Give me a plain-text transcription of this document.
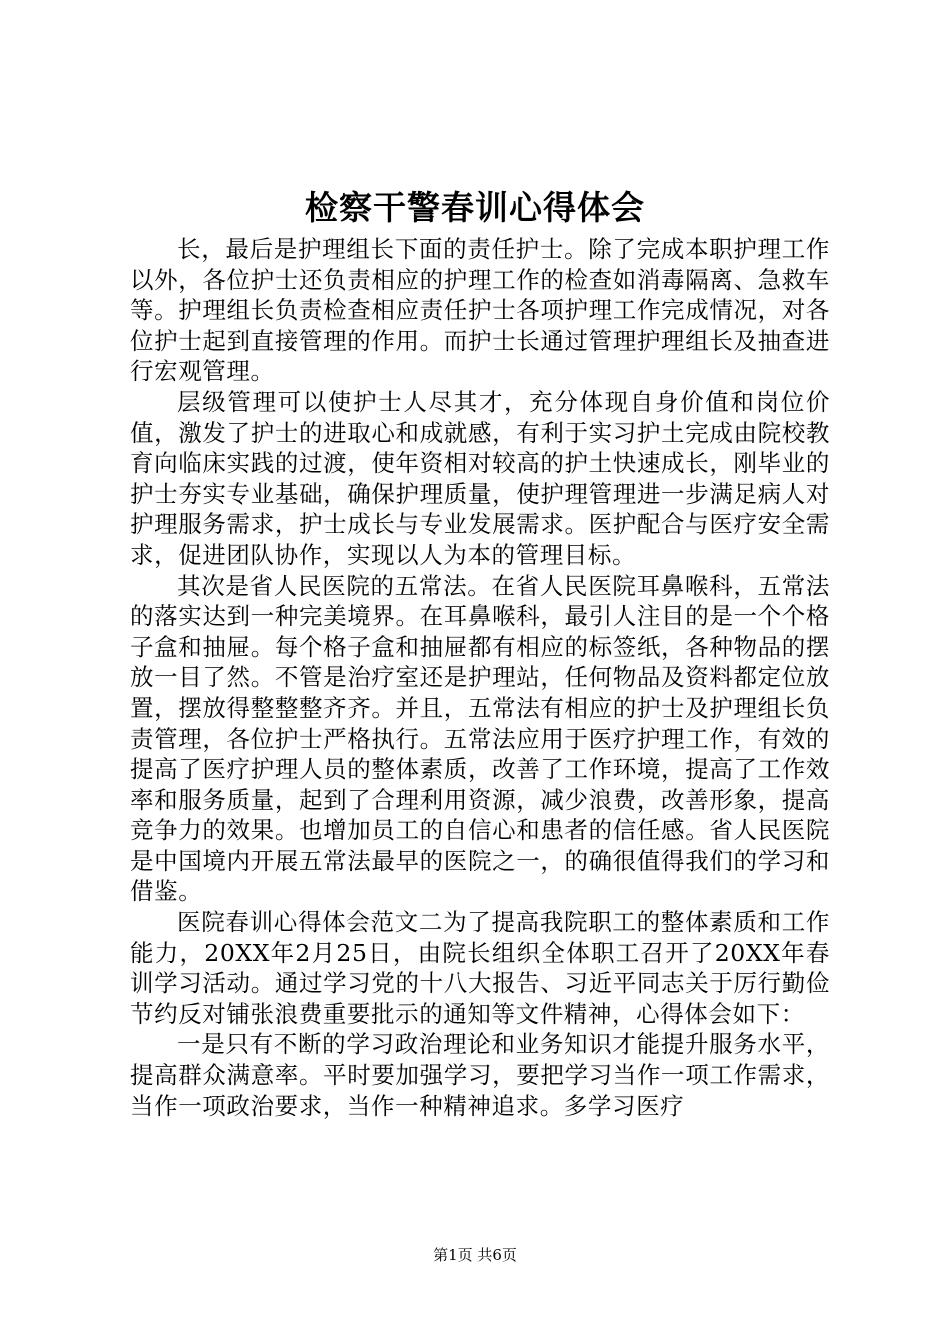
检察干警春训心得体会

长，最后是护理组长下面的责任护士。除了完成本职护理工作以外，各位护士还负责相应的护理工作的检查如消毒隔离、急救车等。护理组长负责检查相应责任护士各项护理工作完成情况，对各位护士起到直接管理的作用。而护士长通过管理护理组长及抽查进行宏观管理。

层级管理可以使护士人尽其才，充分体现自身价值和岗位价值，激发了护士的进取心和成就感，有利于实习护土完成由院校教育向临床实践的过渡，使年资相对较高的护土快速成长，刚毕业的护士夯实专业基础，确保护理质量，使护理管理进一步满足病人对护理服务需求，护士成长与专业发展需求。医护配合与医疗安全需求，促进团队协作，实现以人为本的管理目标。

其次是省人民医院的五常法。在省人民医院耳鼻喉科，五常法的落实达到一种完美境界。在耳鼻喉科，最引人注目的是一个个格子盒和抽屉。每个格子盒和抽屉都有相应的标签纸，各种物品的摆放一目了然。不管是治疗室还是护理站，任何物品及资料都定位放置，摆放得整整整齐齐。并且，五常法有相应的护士及护理组长负责管理，各位护士严格执行。五常法应用于医疗护理工作，有效的提高了医疗护理人员的整体素质，改善了工作环境，提高了工作效率和服务质量，起到了合理利用资源，减少浪费，改善形象，提高竞争力的效果。也增加员工的自信心和患者的信任感。省人民医院是中国境内开展五常法最早的医院之一，的确很值得我们的学习和借鉴。

医院春训心得体会范文二为了提高我院职工的整体素质和工作能力，20XX年2月25日，由院长组织全体职工召开了20XX年春训学习活动。通过学习党的十八大报告、习近平同志关于厉行勤俭节约反对铺张浪费重要批示的通知等文件精神，心得体会如下：

一是只有不断的学习政治理论和业务知识才能提升服务水平，提高群众满意率。平时要加强学习，要把学习当作一项工作需求，当作一项政治要求，当作一种精神追求。多学习医疗

第1页 共6页
